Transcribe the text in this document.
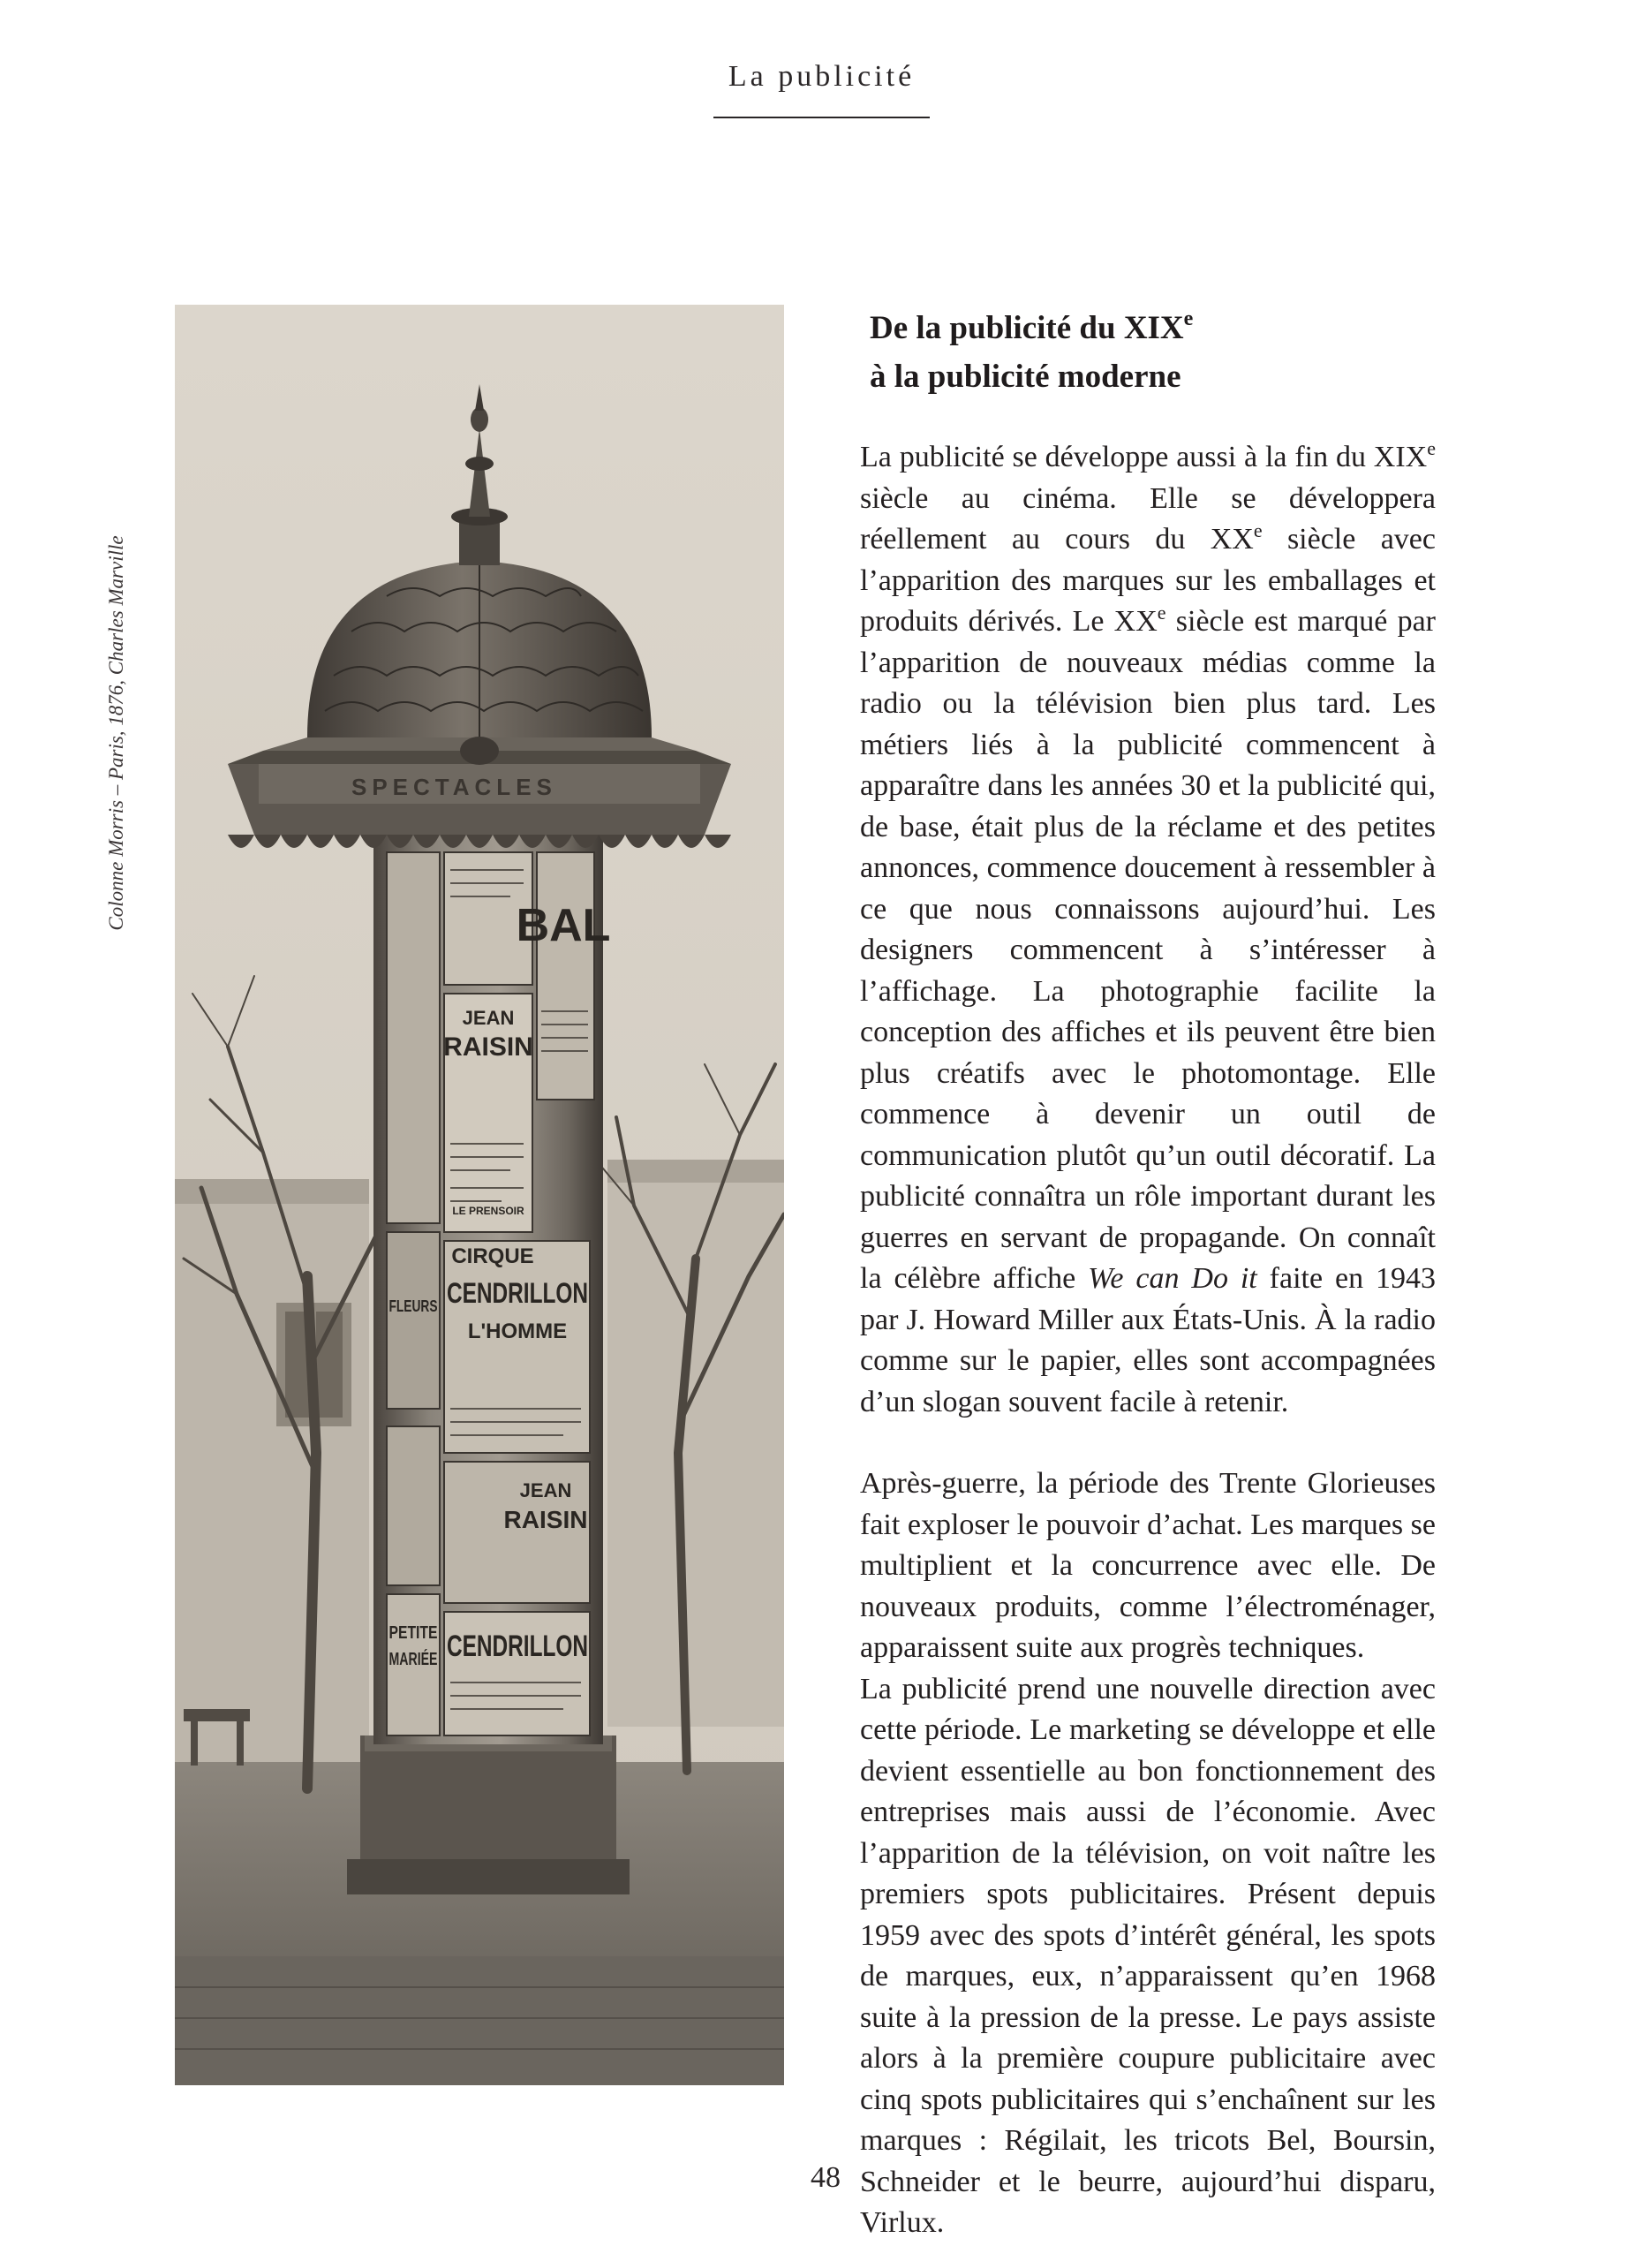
La publicité
Colonne Morris – Paris, 1876, Charles Marville	BAL
JEAN
RAISIN
CIRQUE
CENDRILLON
L'HOMME
PETITE
MARIÉE
CENDRILLON
JEAN
RAISIN
FLEURS
LE PRENSOIR
SPECTACLES
De la publicité du XIXe
à la publicité moderne

La publicité se développe aussi à la fin du XIXe siècle au cinéma. Elle se développera réellement au cours du XXe siècle avec l’apparition des marques sur les emballages et produits dérivés. Le XXe siècle est marqué par l’apparition de nouveaux médias comme la radio ou la télévision bien plus tard. Les métiers liés à la publicité commencent à apparaître dans les années 30 et la publicité qui, de base, était plus de la réclame et des petites annonces, commence doucement à ressembler à ce que nous connaissons aujourd’hui. Les designers commencent à s’intéresser à l’affichage. La photographie facilite la conception des affiches et ils peuvent être bien plus créatifs avec le photomontage. Elle commence à devenir un outil de communication plutôt qu’un outil décoratif. La publicité connaîtra un rôle important durant les guerres en servant de propagande. On connaît la célèbre affiche We can Do it faite en 1943 par J. Howard Miller aux États-Unis. À la radio comme sur le papier, elles sont accompagnées d’un slogan souvent facile à retenir.

Après-guerre, la période des Trente Glorieuses fait exploser le pouvoir d’achat. Les marques se multiplient et la concurrence avec elle. De nouveaux produits, comme l’électroménager, apparaissent suite aux progrès techniques.

La publicité prend une nouvelle direction avec cette période. Le marketing se développe et elle devient essentielle au bon fonctionnement des entreprises mais aussi de l’économie. Avec l’apparition de la télévision, on voit naître les premiers spots publicitaires. Présent depuis 1959 avec des spots d’intérêt général, les spots de marques, eux, n’apparaissent qu’en 1968 suite à la pression de la presse. Le pays assiste alors à la première coupure publicitaire avec cinq spots publicitaires qui s’enchaînent sur les marques : Régilait, les tricots Bel, Boursin, Schneider et le beurre, aujourd’hui disparu, Virlux.

48
